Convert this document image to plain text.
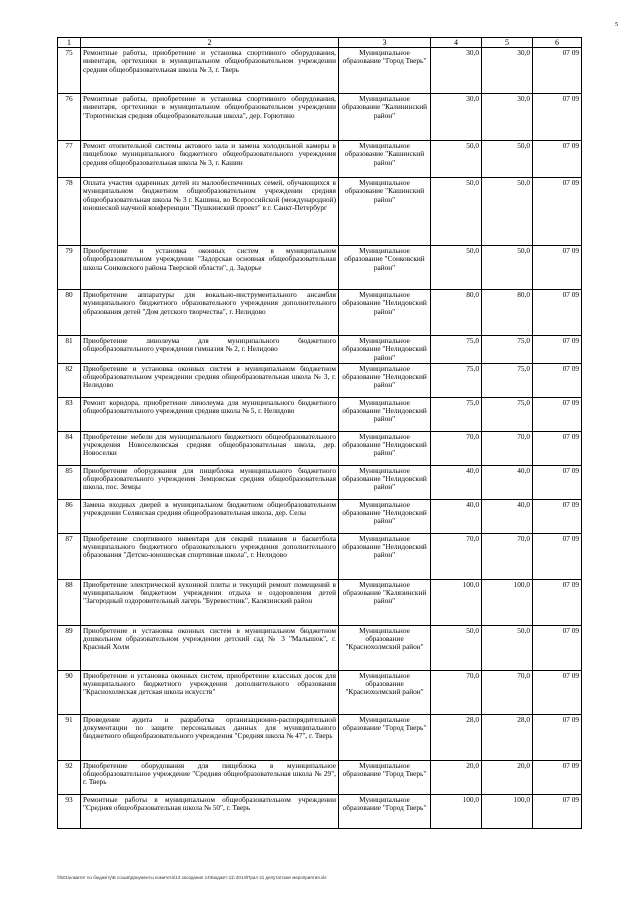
5
1	2	3	4	5	6
75	Ремонтные работы, приобретение и установка спортивного оборудования, инвентаря, оргтехники в муниципальном общеобразовательном учреждении средняя общеобразовательная школа № 3, г. Тверь	Муниципальное образование "Город Тверь"	30,0	30,0	07 09
76	Ремонтные работы, приобретение и установка спортивного оборудования, инвентаря, оргтехники в муниципальном общеобразовательном учреждении "Горютинская средняя общеобразовательная школа", дер. Горютино	Муниципальное образование "Калининский район"	30,0	30,0	07 09
77	Ремонт отопительной системы актового зала и замена холодильной камеры в пищеблоке муниципального бюджетного общеобразовательного учреждения средняя общеобразовательная школа № 3, г. Кашин	Муниципальное образование "Кашинский район"	50,0	50,0	07 09
78	Оплата участия одаренных детей из малообеспеченных семей, обучающихся в муниципальном бюджетном общеобразовательном учреждении средняя общеобразовательная школа № 3 г. Кашина, во Всероссийской (международной) юношеской научной конференции "Пушкинский проект" в г. Санкт-Петербург	Муниципальное образование "Кашинский район"	50,0	50,0	07 09
79	Приобретение и установка оконных систем в муниципальном общеобразовательном учреждении "Задорская основная общеобразовательная школа Сонковского района Тверской области", д. Задорье	Муниципальное образование "Сонковский район"	50,0	50,0	07 09
80	Приобретение аппаратуры для вокально-инструментального ансамбля муниципального бюджетного образовательного учреждения дополнительного образования детей "Дом детского творчества", г. Нелидово	Муниципальное образование "Нелидовский район"	80,0	80,0	07 09
81	Приобретение линолеума для муниципального бюджетного общеобразовательного учреждения гимназия № 2, г. Нелидово	Муниципальное образование "Нелидовский район"	75,0	75,0	07 09
82	Приобретение и установка оконных систем в муниципальном бюджетном общеобразовательном учреждении средняя общеобразовательная школа № 3, г. Нелидово	Муниципальное образование "Нелидовский район"	75,0	75,0	07 09
83	Ремонт коридора, приобретение линолеума для муниципального бюджетного общеобразовательного учреждения средняя школа № 5, г. Нелидово	Муниципальное образование "Нелидовский район"	75,0	75,0	07 09
84	Приобретение мебели для муниципального бюджетного общеобразовательного учреждения Новоселковская средняя общеобразовательная школа, дер. Новоселки	Муниципальное образование "Нелидовский район"	70,0	70,0	07 09
85	Приобретение оборудования для пищеблока муниципального бюджетного общеобразовательного учреждения Земцовская средняя общеобразовательная школа, пос. Земцы	Муниципальное образование "Нелидовский район"	40,0	40,0	07 09
86	Замена входных дверей в муниципальном бюджетном общеобразовательном учреждении Селянская средняя общеобразовательная школа, дер. Селы	Муниципальное образование "Нелидовский район"	40,0	40,0	07 09
87	Приобретение спортивного инвентаря для секций плавания и баскетбола муниципального бюджетного образовательного учреждения дополнительного образования "Детско-юношеская спортивная школа", г. Нелидово	Муниципальное образование "Нелидовский район"	70,0	70,0	07 09
88	Приобретение электрической кухонной плиты и текущий ремонт помещений в муниципальном бюджетном учреждении отдыха и оздоровления детей "Загородный оздоровительный лагерь "Буревестник", Калязинский район	Муниципальное образование "Калязинский район"	100,0	100,0	07 09
89	Приобретение и установка оконных систем в муниципальном бюджетном дошкольном образовательном учреждении детский сад № 3 "Малышок", г. Красный Холм	Муниципальное образование "Краснохолмский район"	50,0	50,0	07 09
90	Приобретение и установка оконных систем, приобретение классных досок для муниципального бюджетного учреждения дополнительного образования "Краснохолмская детская школа искусств"	Муниципальное образование "Краснохолмский район"	70,0	70,0	07 09
91	Проведение аудита и разработка организационно-распорядительной документации по защите персональных данных для муниципального бюджетного общеобразовательного учреждения "Средняя школа № 47", г. Тверь	Муниципальное образование "Город Тверь"	28,0	28,0	07 09
92	Приобретение оборудования для пищеблока в муниципальное общеобразовательное учреждение "Средняя общеобразовательная школа № 29", г. Тверь	Муниципальное образование "Город Тверь"	20,0	20,0	07 09
93	Ремонтные работы в муниципальном общеобразовательном учреждении "Средняя общеобразовательная школа № 50", г. Тверь	Муниципальное образование "Город Тверь"	100,0	100,0	07 09
\\fs01\комитет по бюджету\Б созыв\Документы комитета\13 заседание 14\Бюджет-11\ 2014\Прил 31 депутатские мероприятия.xls
